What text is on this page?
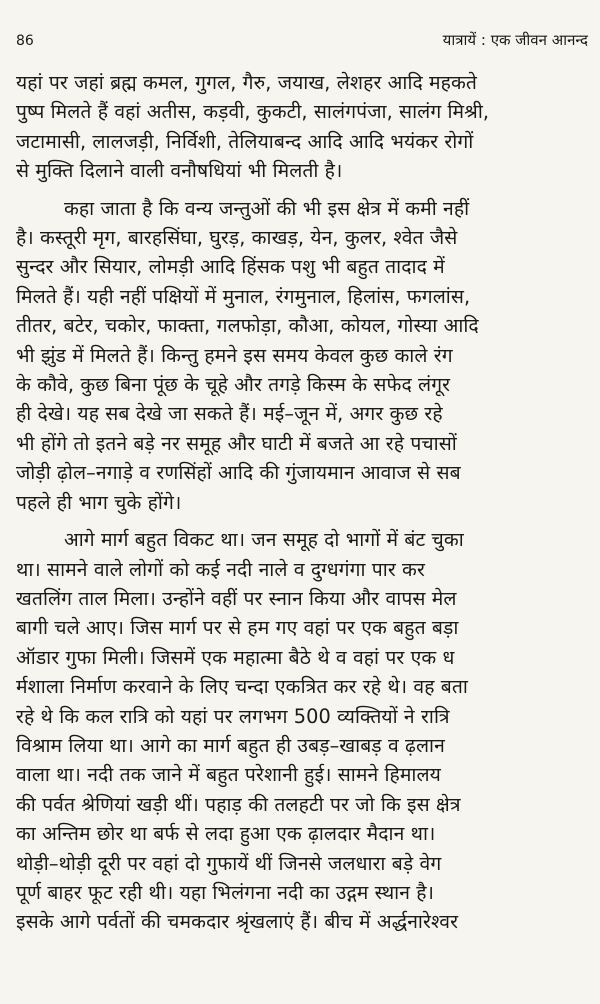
86	यात्रायें : एक जीवन आनन्द

यहां पर जहां ब्रह्म कमल, गुगल, गैरु, जयाख, लेशहर आदि महकते
पुष्प मिलते हैं वहां अतीस, कड़वी, कुकटी, सालंगपंजा, सालंग मिश्री,
जटामासी, लालजड़ी, निर्विशी, तेलियाबन्द आदि आदि भयंकर रोगों
से मुक्ति दिलाने वाली वनौषधियां भी मिलती है।

कहा जाता है कि वन्य जन्तुओं की भी इस क्षेत्र में कमी नहीं
है। कस्तूरी मृग, बारहसिंघा, घुरड़, काखड़, येन, कुलर, श्वेत जैसे
सुन्दर और सियार, लोमड़ी आदि हिंसक पशु भी बहुत तादाद में
मिलते हैं। यही नहीं पक्षियों में मुनाल, रंगमुनाल, हिलांस, फगलांस,
तीतर, बटेर, चकोर, फाक्ता, गलफोड़ा, कौआ, कोयल, गोस्या आदि
भी झुंड में मिलते हैं। किन्तु हमने इस समय केवल कुछ काले रंग
के कौवे, कुछ बिना पूंछ के चूहे और तगड़े किस्म के सफेद लंगूर
ही देखे। यह सब देखे जा सकते हैं। मई–जून में, अगर कुछ रहे
भी होंगे तो इतने बड़े नर समूह और घाटी में बजते आ रहे पचासों
जोड़ी ढ़ोल–नगाड़े व रणसिंहों आदि की गुंजायमान आवाज से सब
पहले ही भाग चुके होंगे।

आगे मार्ग बहुत विकट था। जन समूह दो भागों में बंट चुका
था। सामने वाले लोगों को कई नदी नाले व दुग्धगंगा पार कर
खतलिंग ताल मिला। उन्होंने वहीं पर स्नान किया और वापस मेल
बागी चले आए। जिस मार्ग पर से हम गए वहां पर एक बहुत बड़ा
ऑडार गुफा मिली। जिसमें एक महात्मा बैठे थे व वहां पर एक ध
र्मशाला निर्माण करवाने के लिए चन्दा एकत्रित कर रहे थे। वह बता
रहे थे कि कल रात्रि को यहां पर लगभग 500 व्यक्तियों ने रात्रि
विश्राम लिया था। आगे का मार्ग बहुत ही उबड़–खाबड़ व ढ़लान
वाला था। नदी तक जाने में बहुत परेशानी हुई। सामने हिमालय
की पर्वत श्रेणियां खड़ी थीं। पहाड़ की तलहटी पर जो कि इस क्षेत्र
का अन्तिम छोर था बर्फ से लदा हुआ एक ढ़ालदार मैदान था।
थोड़ी–थोड़ी दूरी पर वहां दो गुफायें थीं जिनसे जलधारा बड़े वेग
पूर्ण बाहर फूट रही थी। यहा भिलंगना नदी का उद्गम स्थान है।
इसके आगे पर्वतों की चमकदार श्रृंखलाएं हैं। बीच में अर्द्धनारेश्वर
